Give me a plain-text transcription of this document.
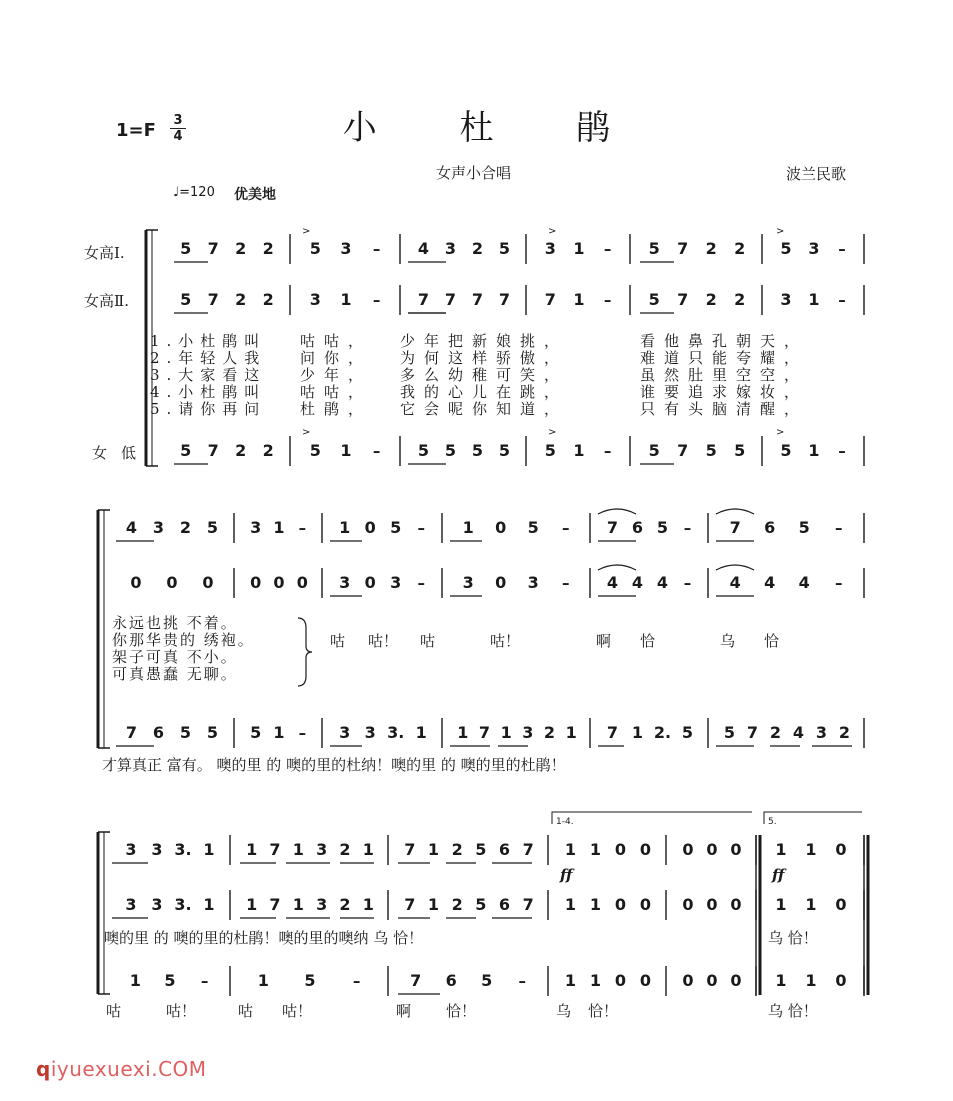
小 杜 鹃
1=F 3
4
女声小合唱	波兰民歌
♩=120 优美地
女高Ⅰ.
女高Ⅱ.
女 低
5 7 2 2 5 3 – 4 3 2 5 3 1 – 5 7 2 2 5 3 –
5 7 2 2 3 1 – 7 7 7 7 7 1 – 5 7 2 2 3 1 –
5 7 2 2 5 1 – 5 5 5 5 5 1 – 5 7 5 5 5 1 –
>	>	>
>	>	>
1.小杜鹃叫 咕咕， 少年把新娘挑，	看他鼻孔朝天，
2.年轻人我 问你， 为何这样骄傲，	难道只能夸耀，
3.大家看这 少年， 多么幼稚可笑，	虽然肚里空空，
4.小杜鹃叫 咕咕， 我的心儿在跳，	谁要追求嫁妆，
5.请你再问 杜鹃， 它会呢你知道，	只有头脑清醒，
4 3 2 5 3 1 – 1 0 5 – 1 0 5 – 7 6 5 – 7 6 5 –
0 0 0 0 0 0 3 0 3 – 3 0 3 – 4 4 4 – 4 4 4 –
7 6 5 5 5 1 – 3 3 3. 1 1 7 1 3 2 1 7 1 2. 5 5 7 2 4 3 2
永远也挑 不着。
你那华贵的 绣袍。
架子可真 不小。
可真愚蠢 无聊。
咕 咕！ 咕	咕！	啊 恰	乌 恰
才算真正 富有。 噢的里 的 噢的里的杜纳！噢的里 的 噢的里的杜鹃！
3 3 3. 1 1 7 1 3 2 1 7 1 2 5 6 7 1 1 0 0 0 0 0 1 1 0
3 3 3. 1 1 7 1 3 2 1 7 1 2 5 6 7 1 1 0 0 0 0 0 1 1 0
1 5 –	1 5 –	7 6 5 – 1 1 0 0 0 0 0 1 1 0
1-4.	5.
ff	ff
噢的里 的 噢的里的杜鹃！噢的里的噢纳 乌 恰！	乌 恰！
咕	咕！	咕 咕！	啊 恰！	乌 恰！	乌 恰！
qiyuexuexi.COM
